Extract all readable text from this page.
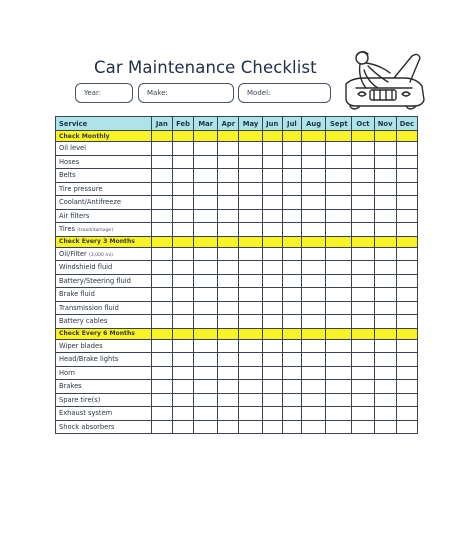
Car Maintenance Checklist
Year:	Make:	Model:
Service	Jan	Feb	Mar	Apr	May	Jun	Jul	Aug	Sept	Oct	Nov	Dec
Check Monthly												
Oil level												
Hoses												
Belts												
Tire pressure												
Coolant/Antifreeze												
Air filters												
Tires (tread/damage)												
Check Every 3 Months												
Oil/Filter (3,000 mi)												
Windshield fluid												
Battery/Steering fluid												
Brake fluid												
Transmission fluid												
Battery cables												
Check Every 6 Months												
Wiper blades												
Head/Brake lights												
Horn												
Brakes												
Spare tire(s)												
Exhaust system												
Shock absorbers												
